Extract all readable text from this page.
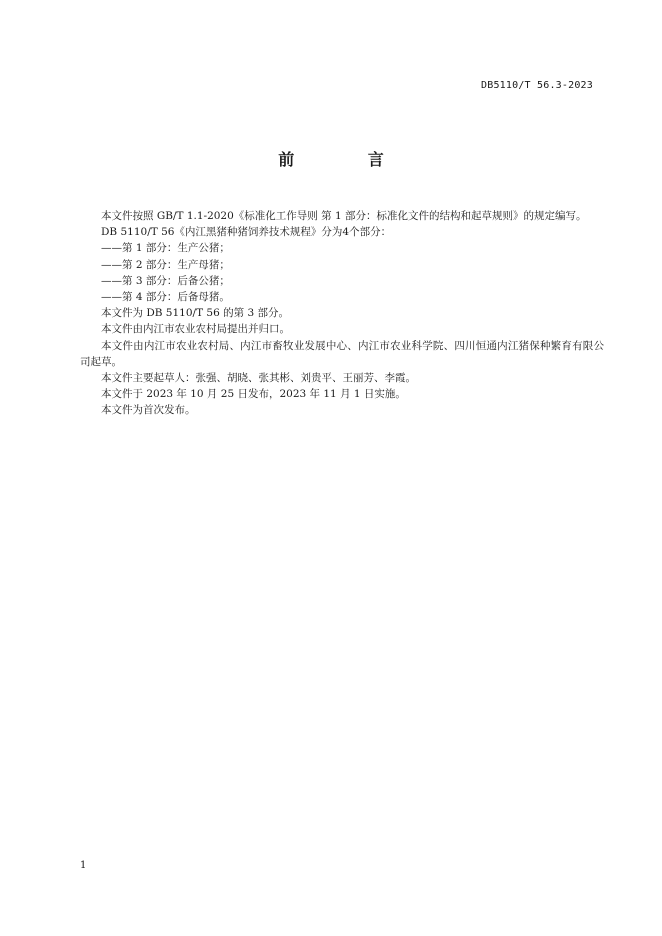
DB5110/T 56.3-2023
前 言

本文件按照 GB/T 1.1-2020《标准化工作导则 第 1 部分：标准化文件的结构和起草规则》的规定编写。

DB 5110/T 56《内江黑猪种猪饲养技术规程》分为4个部分：

——第 1 部分：生产公猪；

——第 2 部分：生产母猪；

——第 3 部分：后备公猪；

——第 4 部分：后备母猪。

本文件为 DB 5110/T 56 的第 3 部分。

本文件由内江市农业农村局提出并归口。

本文件由内江市农业农村局、内江市畜牧业发展中心、内江市农业科学院、四川恒通内江猪保种繁育有限公司起草。

本文件主要起草人：张强、胡晓、张其彬、刘贵平、王丽芳、李霞。

本文件于 2023 年 10 月 25 日发布，2023 年 11 月 1 日实施。

本文件为首次发布。

1
